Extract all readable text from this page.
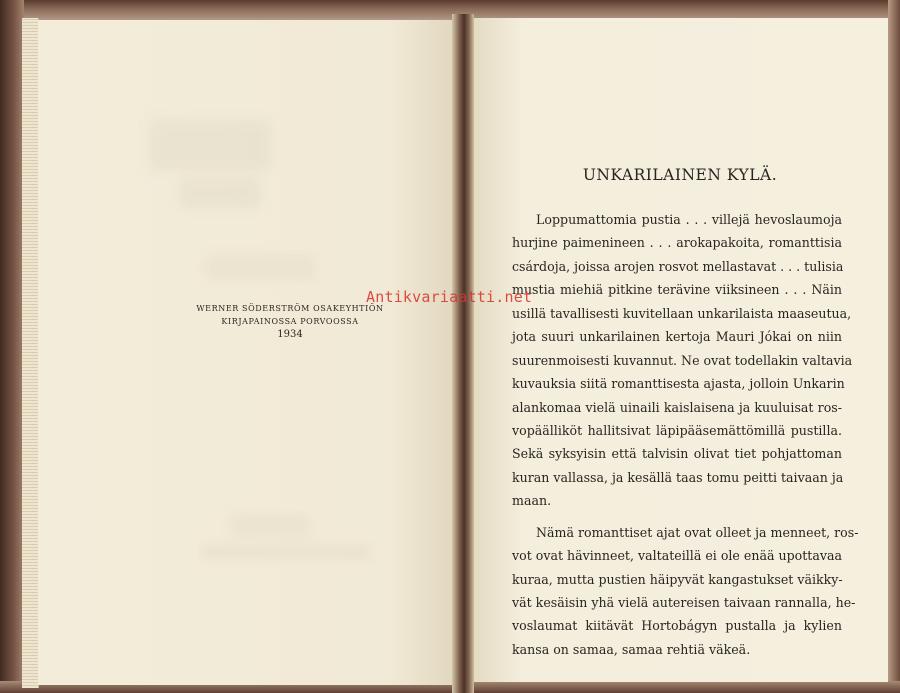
WERNER SÖDERSTRÖM OSAKEYHTIÖN
KIRJAPAINOSSA PORVOOSSA
1934
UNKARILAINEN KYLÄ.
Loppumattomia pustia . . . villejä hevoslaumoja
hurjine paimenineen . . . arokapakoita, romanttisia
csárdoja, joissa arojen rosvot mellastavat . . . tulisia
mustia miehiä pitkine terävine viiksineen . . . Näin
usillä tavallisesti kuvitellaan unkarilaista maaseutua,
jota suuri unkarilainen kertoja Mauri Jókai on niin
suurenmoisesti kuvannut. Ne ovat todellakin valtavia
kuvauksia siitä romanttisesta ajasta, jolloin Unkarin
alankomaa vielä uinaili kaislaisena ja kuuluisat ros-
vopäälliköt hallitsivat läpipääsemättömillä pustilla.
Sekä syksyisin että talvisin olivat tiet pohjattoman
kuran vallassa, ja kesällä taas tomu peitti taivaan ja
maan.
Nämä romanttiset ajat ovat olleet ja menneet, ros-
vot ovat hävinneet, valtateillä ei ole enää upottavaa
kuraa, mutta pustien häipyvät kangastukset väikky-
vät kesäisin yhä vielä autereisen taivaan rannalla, he-
voslaumat kiitävät Hortobágyn pustalla ja kylien
kansa on samaa, samaa rehtiä väkeä.
Antikvariaatti.net
